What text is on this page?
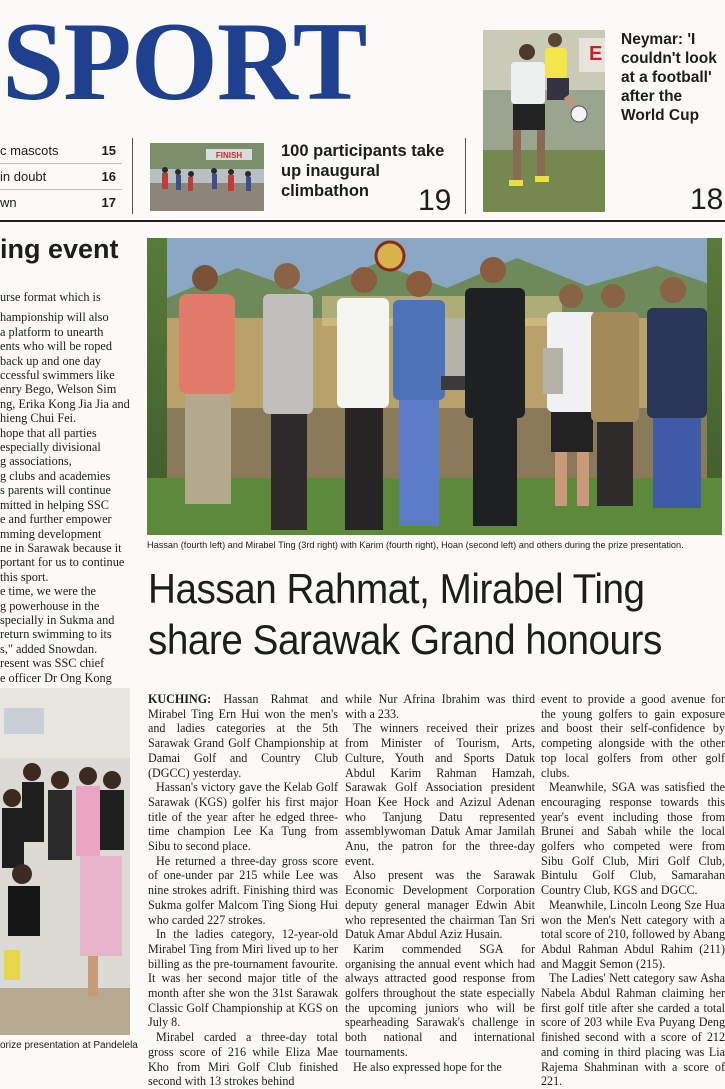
SPORT
c mascots	15
in doubt	16
wn	17
FINISH 100 participants take
up inaugural climbathon	19
E
Neymar: 'I
couldn't look
at a football'
after the
World Cup
18
ing event
urse format which is
hampionship will also
a platform to unearth
ents who will be roped
back up and one day
ccessful swimmers like
enry Bego, Welson Sim
ng, Erika Kong Jia Jia and
hieng Chui Fei.
hope that all parties
especially divisional
g associations,
g clubs and academies
s parents will continue
mitted in helping SSC
e and further empower
mming development
ne in Sarawak because it
portant for us to continue
this sport.
e time, we were the
g powerhouse in the
specially in Sukma and
return swimming to its
s," added Snowdan.
resent was SSC chief
e officer Dr Ong Kong
Hassan (fourth left) and Mirabel Ting (3rd right) with Karim (fourth right), Hoan (second left) and others during the prize presentation.
Hassan Rahmat, Mirabel Ting
share Sarawak Grand honours
orize presentation at Pandelela

KUCHING: Hassan Rahmat and Mirabel Ting Ern Hui won the men's and ladies categories at the 5th Sarawak Grand Golf Championship at Damai Golf and Country Club (DGCC) yesterday.

Hassan's victory gave the Kelab Golf Sarawak (KGS) golfer his first major title of the year after he edged three-time champion Lee Ka Tung from Sibu to second place.

He returned a three-day gross score of one-under par 215 while Lee was nine strokes adrift. Finishing third was Sukma golfer Malcom Ting Siong Hui who carded 227 strokes.

In the ladies category, 12-year-old Mirabel Ting from Miri lived up to her billing as the pre-tournament favourite. It was her second major title of the month after she won the 31st Sarawak Classic Golf Championship at KGS on July 8.

Mirabel carded a three-day total gross score of 216 while Eliza Mae Kho from Miri Golf Club finished second with 13 strokes behind

while Nur Afrina Ibrahim was third with a 233.

The winners received their prizes from Minister of Tourism, Arts, Culture, Youth and Sports Datuk Abdul Karim Rahman Hamzah, Sarawak Golf Association president Hoan Kee Hock and Azizul Adenan who Tanjung Datu represented assemblywoman Datuk Amar Jamilah Anu, the patron for the three-day event.

Also present was the Sarawak Economic Development Corporation deputy general manager Edwin Abit who represented the chairman Tan Sri Datuk Amar Abdul Aziz Husain.

Karim commended SGA for organising the annual event which had always attracted good response from golfers throughout the state especially the upcoming juniors who will be spearheading Sarawak's challenge in both national and international tournaments.

He also expressed hope for the

event to provide a good avenue for the young golfers to gain exposure and boost their self-confidence by competing alongside with the other top local golfers from other golf clubs.

Meanwhile, SGA was satisfied the encouraging response towards this year's event including those from Brunei and Sabah while the local golfers who competed were from Sibu Golf Club, Miri Golf Club, Bintulu Golf Club, Samarahan Country Club, KGS and DGCC.

Meanwhile, Lincoln Leong Sze Hua won the Men's Nett category with a total score of 210, followed by Abang Abdul Rahman Abdul Rahim (211) and Maggit Semon (215).

The Ladies' Nett category saw Asha Nabela Abdul Rahman claiming her first golf title after she carded a total score of 203 while Eva Puyang Deng finished second with a score of 212 and coming in third placing was Lia Rajema Shahminan with a score of 221.
